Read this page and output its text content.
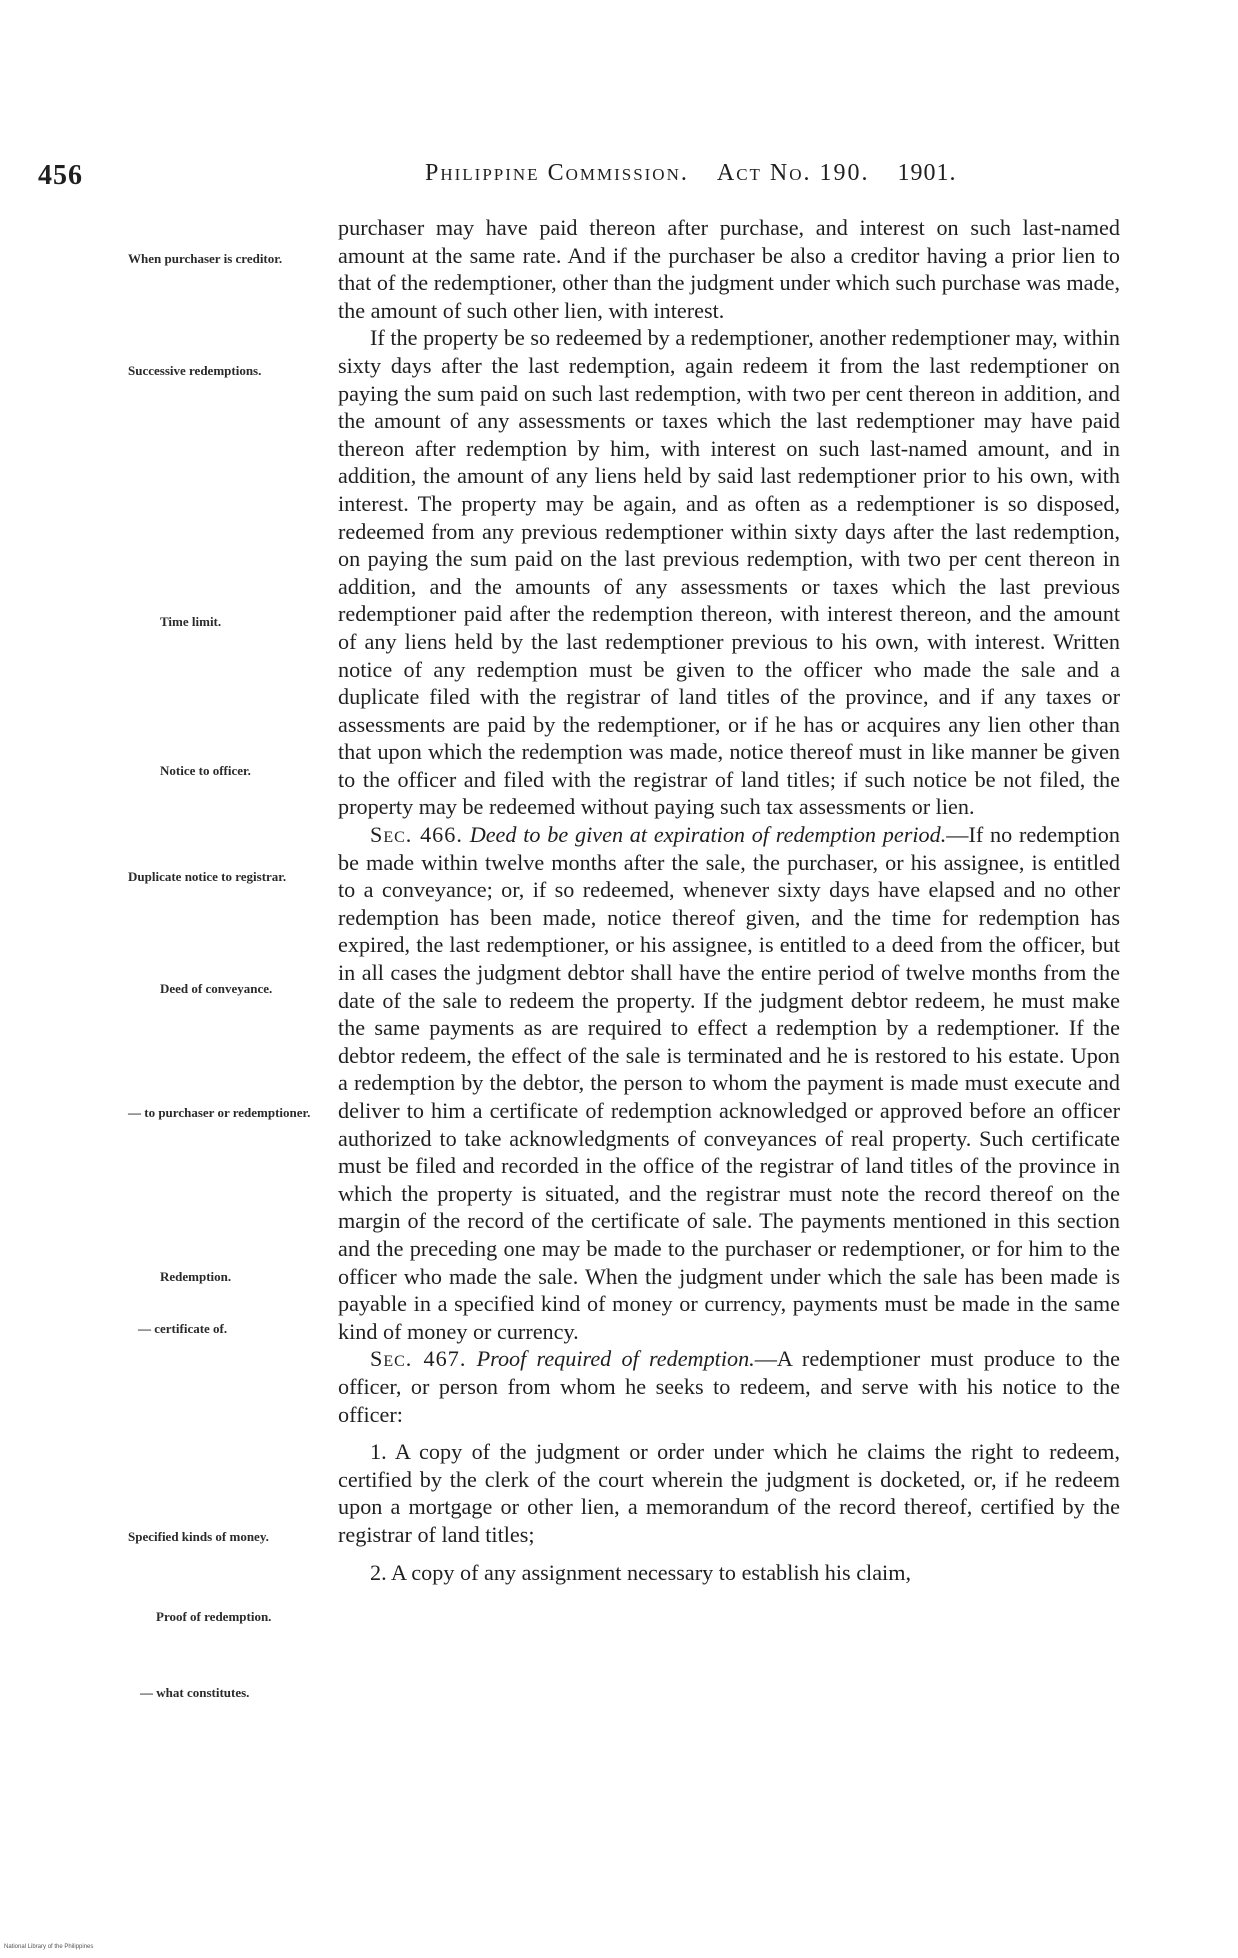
456	Philippine Commission. Act No. 190. 1901.
When purchaser is creditor.
Successive redemptions.
Time limit.
Notice to officer.
Duplicate notice to registrar.
Deed of conveyance.
— to purchaser or redemptioner.
Redemption.
— certificate of.
Specified kinds of money.
Proof of redemption.
— what constitutes.

purchaser may have paid thereon after purchase, and interest on such last-named amount at the same rate. And if the purchaser be also a creditor having a prior lien to that of the redemptioner, other than the judgment under which such purchase was made, the amount of such other lien, with interest.

If the property be so redeemed by a redemptioner, another redemptioner may, within sixty days after the last redemption, again redeem it from the last redemptioner on paying the sum paid on such last redemption, with two per cent thereon in addition, and the amount of any assessments or taxes which the last redemptioner may have paid thereon after redemption by him, with interest on such last-named amount, and in addition, the amount of any liens held by said last redemptioner prior to his own, with interest. The property may be again, and as often as a redemptioner is so disposed, redeemed from any previous redemptioner within sixty days after the last redemption, on paying the sum paid on the last previous redemption, with two per cent thereon in addition, and the amounts of any assessments or taxes which the last previous redemptioner paid after the redemption thereon, with interest thereon, and the amount of any liens held by the last redemptioner previous to his own, with interest. Written notice of any redemption must be given to the officer who made the sale and a duplicate filed with the registrar of land titles of the province, and if any taxes or assessments are paid by the redemptioner, or if he has or acquires any lien other than that upon which the redemption was made, notice thereof must in like manner be given to the officer and filed with the registrar of land titles; if such notice be not filed, the property may be redeemed without paying such tax assessments or lien.

Sec. 466. Deed to be given at expiration of redemption period.—If no redemption be made within twelve months after the sale, the purchaser, or his assignee, is entitled to a conveyance; or, if so redeemed, whenever sixty days have elapsed and no other redemption has been made, notice thereof given, and the time for redemption has expired, the last redemptioner, or his assignee, is entitled to a deed from the officer, but in all cases the judgment debtor shall have the entire period of twelve months from the date of the sale to redeem the property. If the judgment debtor redeem, he must make the same payments as are required to effect a redemption by a redemptioner. If the debtor redeem, the effect of the sale is terminated and he is restored to his estate. Upon a redemption by the debtor, the person to whom the payment is made must execute and deliver to him a certificate of redemption acknowledged or approved before an officer authorized to take acknowledgments of conveyances of real property. Such certificate must be filed and recorded in the office of the registrar of land titles of the province in which the property is situated, and the registrar must note the record thereof on the margin of the record of the certificate of sale. The payments mentioned in this section and the preceding one may be made to the purchaser or redemptioner, or for him to the officer who made the sale. When the judgment under which the sale has been made is payable in a specified kind of money or currency, payments must be made in the same kind of money or currency.

Sec. 467. Proof required of redemption.—A redemptioner must produce to the officer, or person from whom he seeks to redeem, and serve with his notice to the officer:

1. A copy of the judgment or order under which he claims the right to redeem, certified by the clerk of the court wherein the judgment is docketed, or, if he redeem upon a mortgage or other lien, a memorandum of the record thereof, certified by the registrar of land titles;

2. A copy of any assignment necessary to establish his claim,

National Library of the Philippines
